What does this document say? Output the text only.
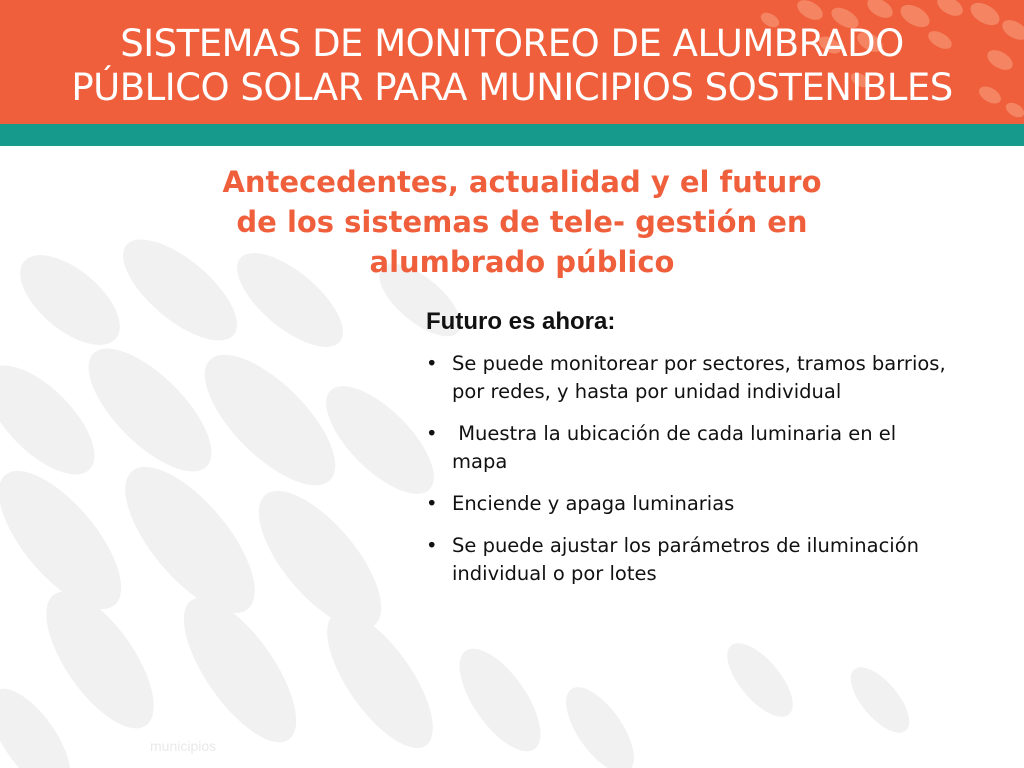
SISTEMAS DE MONITOREO DE ALUMBRADO
PÚBLICO SOLAR PARA MUNICIPIOS SOSTENIBLES
Antecedentes, actualidad y el futuro
de los sistemas de tele- gestión en
alumbrado público

Futuro es ahora:

• Se puede monitorear por sectores, tramos barrios, por redes, y hasta por unidad individual
• Muestra la ubicación de cada luminaria en el mapa
• Enciende y apaga luminarias
• Se puede ajustar los parámetros de iluminación individual o por lotes
municipios
